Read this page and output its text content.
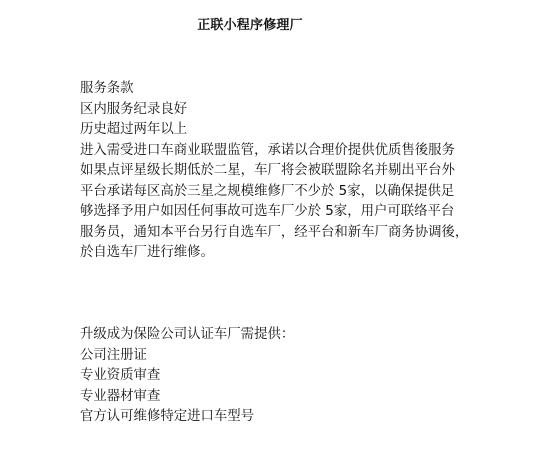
正联小程序修理厂
服务条款
区内服务纪录良好
历史超过两年以上
进入需受进口车商业联盟监管，承诺以合理价提供优质售後服务
如果点评星级长期低於二星，车厂将会被联盟除名并剔出平台外
平台承诺每区高於三星之规模维修厂不少於 5家，以确保提供足
够选择予用户如因任何事故可选车厂少於 5家，用户可联络平台
服务员，通知本平台另行自选车厂，经平台和新车厂商务协调後，
於自选车厂进行维修。
升级成为保险公司认证车厂需提供：
公司注册证
专业资质审查
专业器材审查
官方认可维修特定进口车型号
